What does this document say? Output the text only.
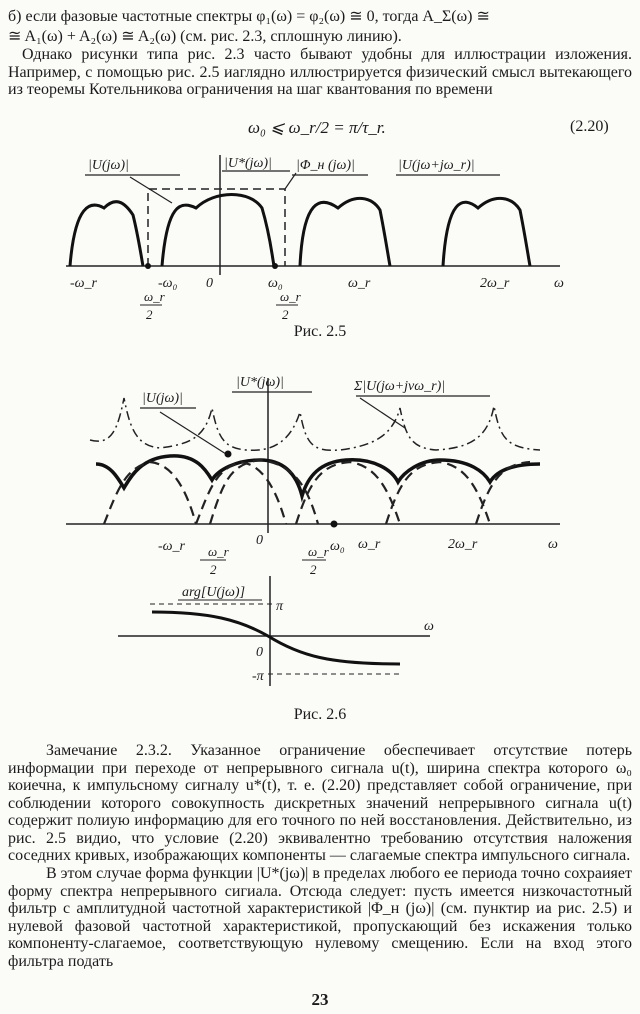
б) если фазовые частотные спектры φ₁(ω) = φ₂(ω) ≅ 0, тогда A_Σ(ω) ≅
≅ A₁(ω) + A₂(ω) ≅ A₂(ω) (см. рис. 2.3, сплошную линию).
Однако рисунки типа рис. 2.3 часто бывают удобны для иллюстрации изложения. Например, с помощью рис. 2.5 иаглядно иллюстрируется физический смысл вытекающего из теоремы Котельникова ограничения на шаг квантования по времени
ω₀ ⩽ ω_r/2 = π/τ_r.	(2.20)
|U(jω)|	|U*(jω)| |Φ_н (jω)|	|U(jω+jω_r)|
-ω_r	-ω₀ 0	ω₀	ω_r	2ω_r	ω
ω_r
2
ω_r
2
Рис. 2.5
|U(jω)|
|U*(jω)|	Σ|U(jω+jνω_r)|
-ω_r	0	ω₀ ω_r	2ω_r	ω
ω_r
2
ω_r
2
arg[U(jω)]
π
0
-π
ω
Рис. 2.6
Замечание 2.3.2. Указанное ограничение обеспечивает отсутствие потерь информации при переходе от непрерывного сигнала u(t), ширина спектра которого ω₀ коиечна, к импульсному сигналу u*(t), т. е. (2.20) представляет собой ограничение, при соблюдении которого совокупность дискретных значений непрерывного сигнала u(t) содержит полиую информацию для его точного по ней восстановления. Действительно, из рис. 2.5 видио, что условие (2.20) эквивалентно требованию отсутствия наложения соседних кривых, изображающих компоненты — слагаемые спектра импульсного сигнала.
В этом случае форма функции |U*(jω)| в пределах любого ее периода точно сохраияет форму спектра непрерывного сигиала. Отсюда следует: пусть имеется низкочастотный фильтр с амплитудной частотной характеристикой |Φ_н (jω)| (см. пунктир иа рис. 2.5) и нулевой фазовой частотной характеристикой, пропускающий без искажения только компоненту-слагаемое, соответствующую нулевому смещению. Если на вход этого фильтра подать
23
